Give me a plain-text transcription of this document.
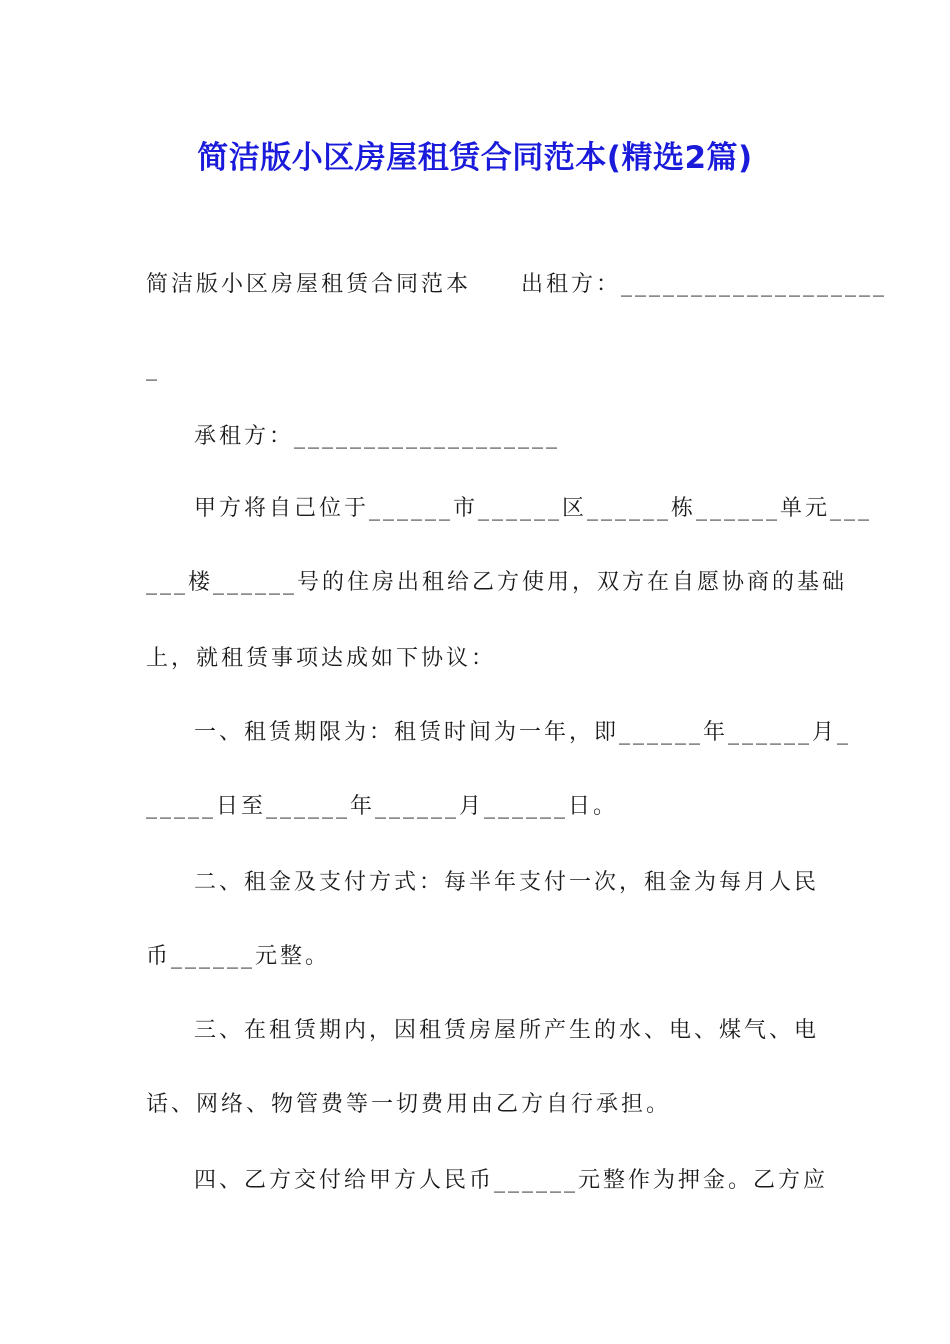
简洁版小区房屋租赁合同范本(精选2篇)
简洁版小区房屋租赁合同范本　　出租方：___________________
_
承租方：___________________
甲方将自己位于______市______区______栋______单元___
___楼______号的住房出租给乙方使用，双方在自愿协商的基础
上，就租赁事项达成如下协议：
一、租赁期限为：租赁时间为一年，即______年______月_
_____日至______年______月______日。
二、租金及支付方式：每半年支付一次，租金为每月人民
币______元整。
三、在租赁期内，因租赁房屋所产生的水、电、煤气、电
话、网络、物管费等一切费用由乙方自行承担。
四、乙方交付给甲方人民币______元整作为押金。乙方应
